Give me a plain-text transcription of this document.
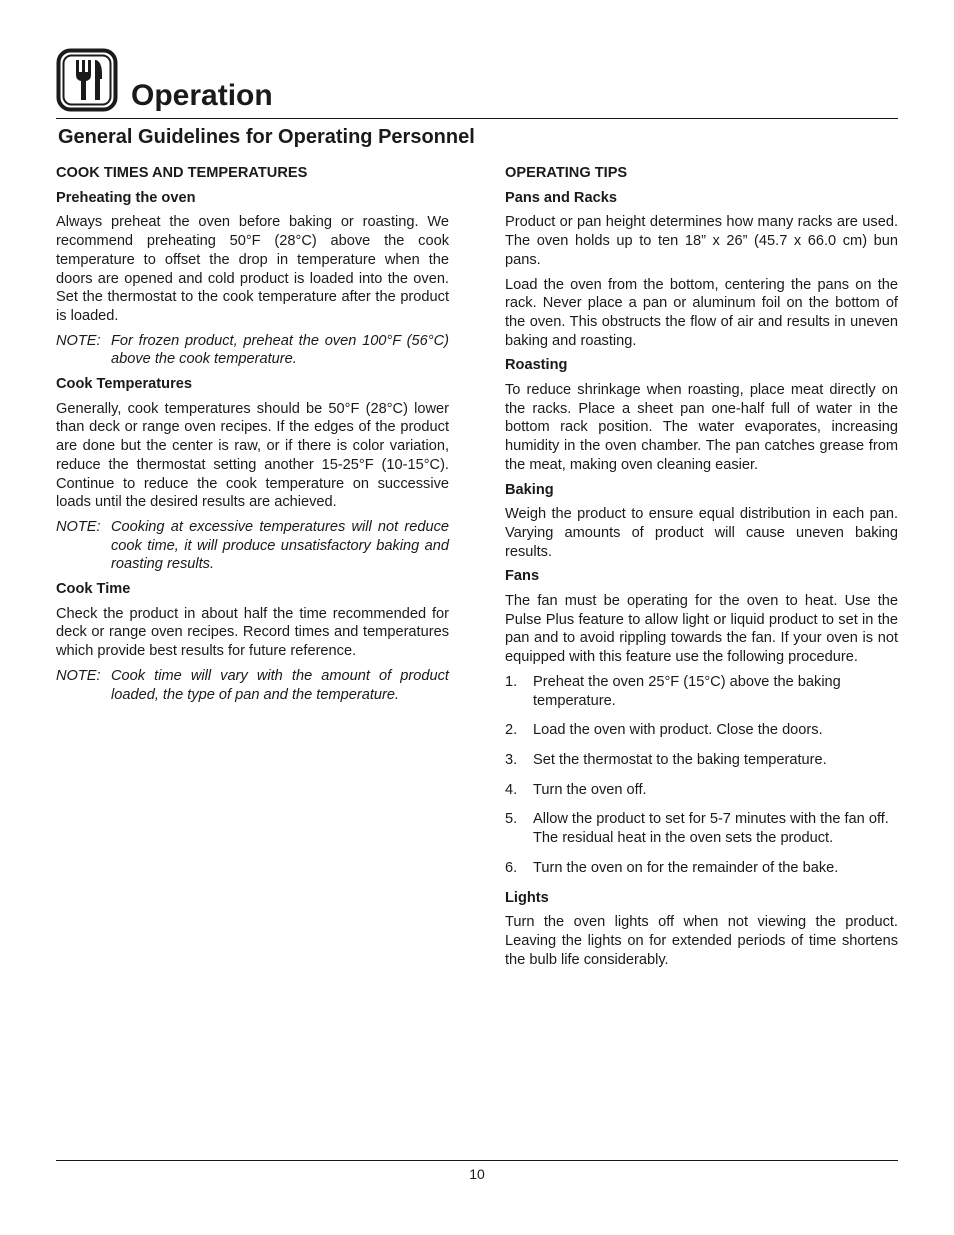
Operation
General Guidelines for Operating Personnel

COOK TIMES AND TEMPERATURES

Preheating the oven

Always preheat the oven before baking or roasting. We recommend preheating 50°F (28°C) above the cook temperature to offset the drop in temperature when the doors are opened and cold product is loaded into the oven. Set the thermostat to the cook temperature after the product is loaded.

NOTE: For frozen product, preheat the oven 100°F (56°C) above the cook temperature.

Cook Temperatures

Generally, cook temperatures should be 50°F (28°C) lower than deck or range oven recipes. If the edges of the product are done but the center is raw, or if there is color variation, reduce the thermostat setting another 15-25°F (10-15°C). Continue to reduce the cook temperature on successive loads until the desired results are achieved.

NOTE: Cooking at excessive temperatures will not reduce cook time, it will produce unsatisfactory baking and roasting results.

Cook Time

Check the product in about half the time recommended for deck or range oven recipes. Record times and temperatures which provide best results for future reference.

NOTE: Cook time will vary with the amount of product loaded, the type of pan and the temperature.

OPERATING TIPS

Pans and Racks

Product or pan height determines how many racks are used. The oven holds up to ten 18” x 26” (45.7 x 66.0 cm) bun pans.

Load the oven from the bottom, centering the pans on the rack. Never place a pan or aluminum foil on the bottom of the oven. This obstructs the flow of air and results in uneven baking and roasting.

Roasting

To reduce shrinkage when roasting, place meat directly on the racks. Place a sheet pan one-half full of water in the bottom rack position. The water evaporates, increasing humidity in the oven chamber. The pan catches grease from the meat, making oven cleaning easier.

Baking

Weigh the product to ensure equal distribution in each pan. Varying amounts of product will cause uneven baking results.

Fans

The fan must be operating for the oven to heat. Use the Pulse Plus feature to allow light or liquid product to set in the pan and to avoid rippling towards the fan. If your oven is not equipped with this feature use the following procedure.

1.	Preheat the oven 25°F (15°C) above the baking temperature.
2.	Load the oven with product. Close the doors.
3.	Set the thermostat to the baking temperature.
4.	Turn the oven off.
5.	Allow the product to set for 5-7 minutes with the fan off. The residual heat in the oven sets the product.
6.	Turn the oven on for the remainder of the bake.

Lights

Turn the oven lights off when not viewing the product. Leaving the lights on for extended periods of time shortens the bulb life considerably.

10
